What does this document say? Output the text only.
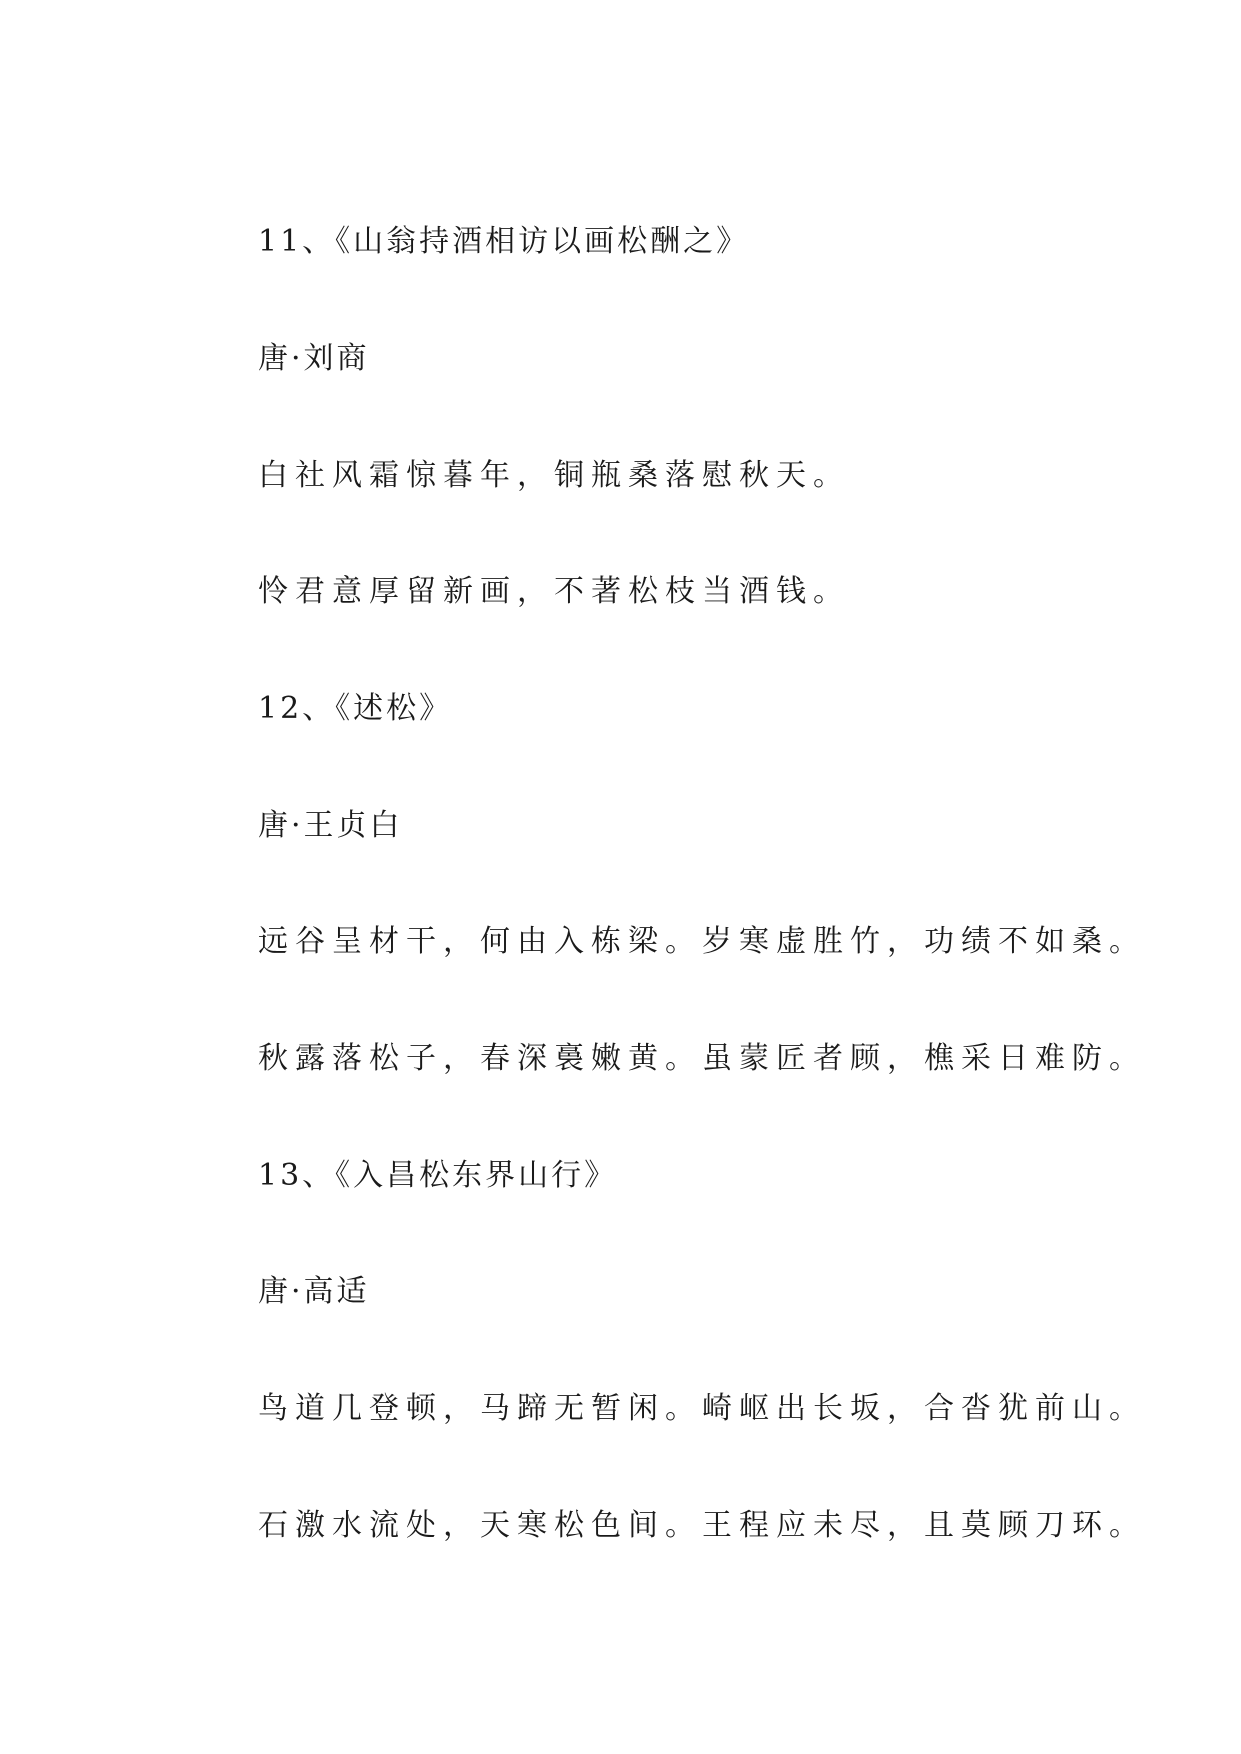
11、《山翁持酒相访以画松酬之》

唐·刘商

白社风霜惊暮年，铜瓶桑落慰秋天。

怜君意厚留新画，不著松枝当酒钱。

12、《述松》

唐·王贞白

远谷呈材干，何由入栋梁。岁寒虚胜竹，功绩不如桑。

秋露落松子，春深裛嫩黄。虽蒙匠者顾，樵采日难防。

13、《入昌松东界山行》

唐·高适

鸟道几登顿，马蹄无暂闲。崎岖出长坂，合沓犹前山。

石激水流处，天寒松色间。王程应未尽，且莫顾刀环。
